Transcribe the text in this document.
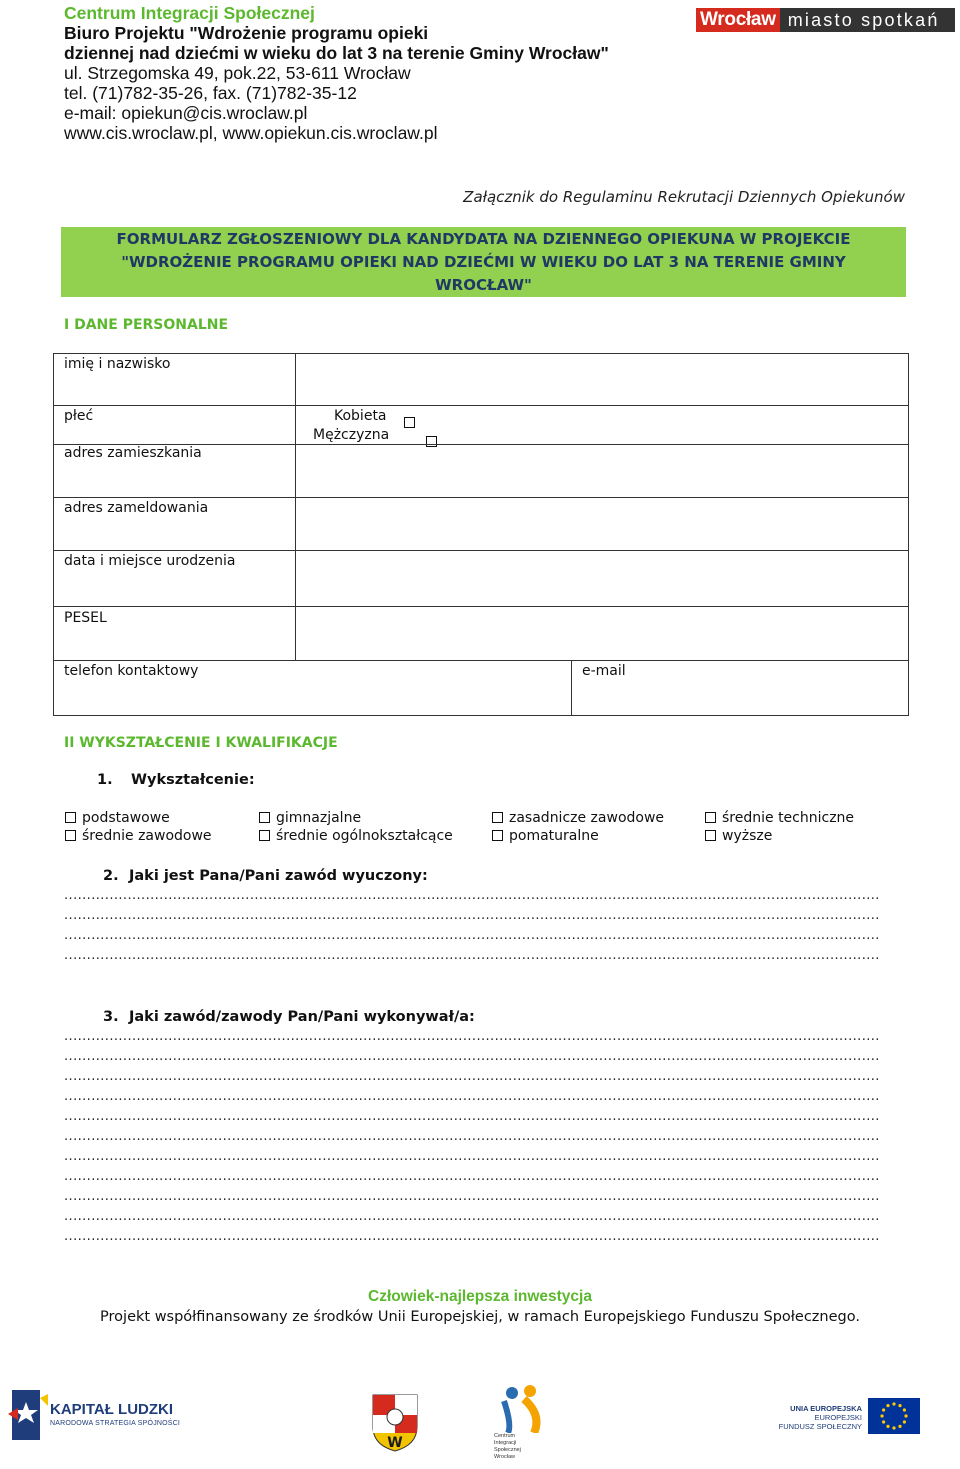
Centrum Integracji Społecznej
Biuro Projektu "Wdrożenie programu opieki
dziennej nad dziećmi w wieku do lat 3 na terenie Gminy Wrocław"
ul. Strzegomska 49, pok.22, 53-611 Wrocław
tel. (71)782-35-26, fax. (71)782-35-12
e-mail: opiekun@cis.wroclaw.pl
www.cis.wroclaw.pl, www.opiekun.cis.wroclaw.pl
Wrocław miasto spotkań
Załącznik do Regulaminu Rekrutacji Dziennych Opiekunów
FORMULARZ ZGŁOSZENIOWY DLA KANDYDATA NA DZIENNEGO OPIEKUNA W PROJEKCIE
"WDROŻENIE PROGRAMU OPIEKI NAD DZIEĆMI W WIEKU DO LAT 3 NA TERENIE GMINY
WROCŁAW"
I DANE PERSONALNE
imię i nazwisko
płeć	Kobieta

Mężczyzna
adres zamieszkania
adres zameldowania
data i miejsce urodzenia
PESEL
telefon kontaktowy	e-mail
II WYKSZTAŁCENIE I KWALIFIKACJE
1. Wykształcenie:
podstawowe	gimnazjalne	zasadnicze zawodowe	średnie techniczne
średnie zawodowe	średnie ogólnokształcące	pomaturalne	wyższe
2. Jaki jest Pana/Pani zawód wyuczony:
....................................................................................................................................................................................
....................................................................................................................................................................................
....................................................................................................................................................................................
....................................................................................................................................................................................
3. Jaki zawód/zawody Pan/Pani wykonywał/a:
....................................................................................................................................................................................
....................................................................................................................................................................................
....................................................................................................................................................................................
....................................................................................................................................................................................
....................................................................................................................................................................................
....................................................................................................................................................................................
....................................................................................................................................................................................
....................................................................................................................................................................................
....................................................................................................................................................................................
....................................................................................................................................................................................
....................................................................................................................................................................................
Człowiek-najlepsza inwestycja
Projekt współfinansowany ze środków Unii Europejskiej, w ramach Europejskiego Funduszu Społecznego.
KAPITAŁ LUDZKI
NARODOWA STRATEGIA SPÓJNOŚCI
W	Centrum
Integracji
Społecznej
Wrocław
UNIA EUROPEJSKA
EUROPEJSKI
FUNDUSZ SPOŁECZNY
